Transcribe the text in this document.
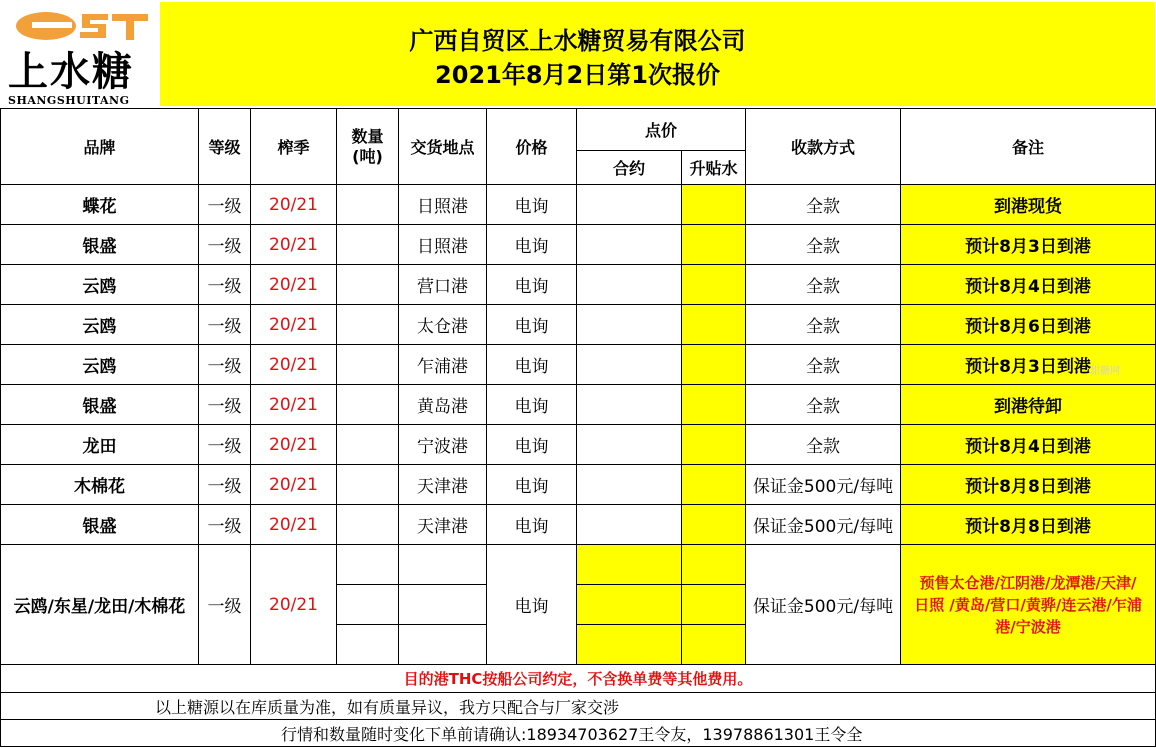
上水糖
SHANGSHUITANG
广西自贸区上水糖贸易有限公司
2021年8月2日第1次报价
品牌	等级	榨季	数量(吨)	交货地点	价格	点价		收款方式	备注
						合约	升贴水		
蝶花	一级	20/21		日照港	电询			全款	到港现货
银盛	一级	20/21		日照港	电询			全款	预计8月3日到港
云鸥	一级	20/21		营口港	电询			全款	预计8月4日到港
云鸥	一级	20/21		太仓港	电询			全款	预计8月6日到港
云鸥	一级	20/21		乍浦港	电询			全款	预计8月3日到港
银盛	一级	20/21		黄岛港	电询			全款	到港待卸
龙田	一级	20/21		宁波港	电询			全款	预计8月4日到港
木棉花	一级	20/21		天津港	电询			保证金500元/每吨	预计8月8日到港
银盛	一级	20/21		天津港	电询			保证金500元/每吨	预计8月8日到港
云鸥/东星/龙田/木棉花	一级	20/21			电询			保证金500元/每吨	预售太仓港/江阴港/龙潭港/天津/日照 /黄岛/营口/黄骅/连云港/乍浦港/宁波港

目的港THC按船公司约定，不含换单费等其他费用。									
以上糖源以在库质量为准，如有质量异议，我方只配合与厂家交涉									
行情和数量随时变化下单前请确认:18934703627王令友，13978861301王令全									
甜糖网
